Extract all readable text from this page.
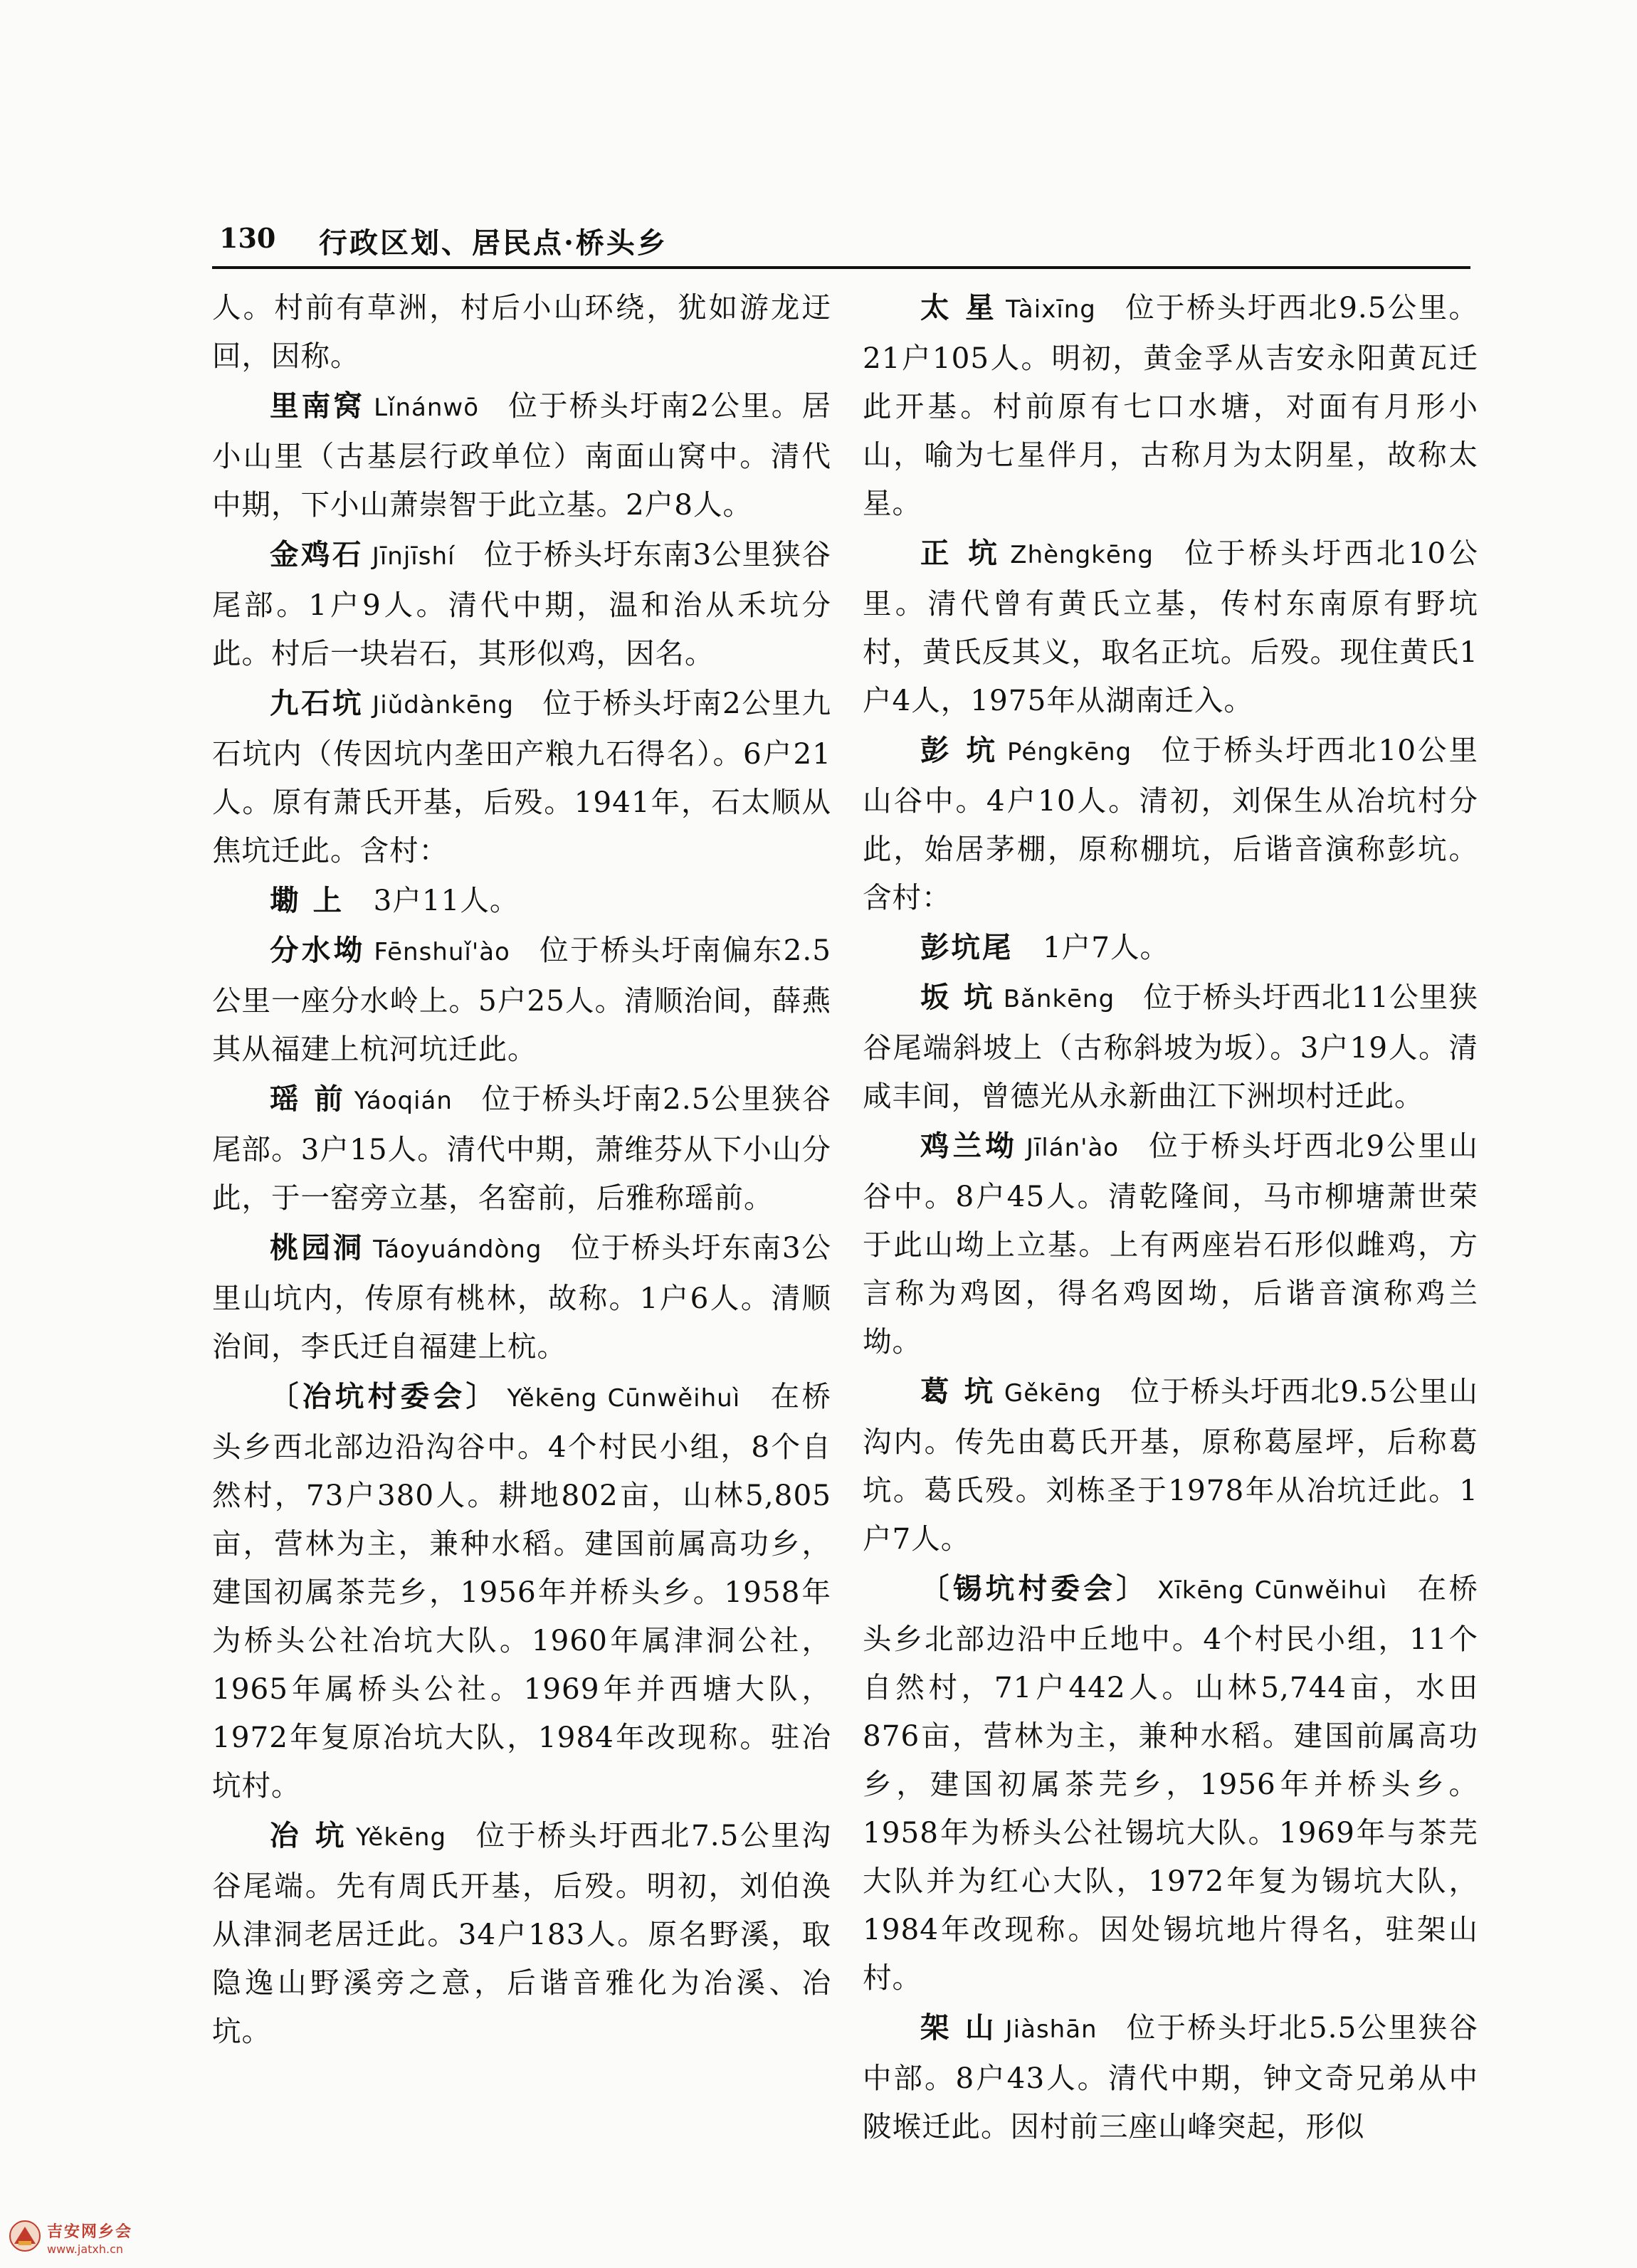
130 行政区划、居民点·桥头乡

人。村前有草洲，村后小山环绕，犹如游龙迂回，因称。

里南窝 Lǐnánwō 位于桥头圩南2公里。居小山里（古基层行政单位）南面山窝中。清代中期，下小山萧崇智于此立基。2户8人。

金鸡石 Jīnjīshí 位于桥头圩东南3公里狭谷尾部。1户9人。清代中期，温和治从禾坑分此。村后一块岩石，其形似鸡，因名。

九石坑 Jiǔdànkēng 位于桥头圩南2公里九石坑内（传因坑内垄田产粮九石得名）。6户21人。原有萧氏开基，后殁。1941年，石太顺从焦坑迁此。含村：

墈 上　 3户11人。

分水坳 Fēnshuǐ'ào 位于桥头圩南偏东2.5公里一座分水岭上。5户25人。清顺治间，薛燕其从福建上杭河坑迁此。

瑶 前 Yáoqián 位于桥头圩南2.5公里狭谷尾部。3户15人。清代中期，萧维芬从下小山分此，于一窑旁立基，名窑前，后雅称瑶前。

桃园洞 Táoyuándòng 位于桥头圩东南3公里山坑内，传原有桃林，故称。1户6人。清顺治间，李氏迁自福建上杭。

〔冶坑村委会〕 Yěkēng Cūnwěihuì 在桥头乡西北部边沿沟谷中。4个村民小组，8个自然村，73户380人。耕地802亩，山林5,805亩，营林为主，兼种水稻。建国前属高功乡，建国初属茶芫乡，1956年并桥头乡。1958年为桥头公社冶坑大队。1960年属津洞公社，1965年属桥头公社。1969年并西塘大队，1972年复原冶坑大队，1984年改现称。驻冶坑村。

冶 坑 Yěkēng 位于桥头圩西北7.5公里沟谷尾端。先有周氏开基，后殁。明初，刘伯涣从津洞老居迁此。34户183人。原名野溪，取隐逸山野溪旁之意，后谐音雅化为冶溪、冶坑。

太 星 Tàixīng 位于桥头圩西北9.5公里。21户105人。明初，黄金孚从吉安永阳黄瓦迁此开基。村前原有七口水塘，对面有月形小山，喻为七星伴月，古称月为太阴星，故称太星。

正 坑 Zhèngkēng 位于桥头圩西北10公里。清代曾有黄氏立基，传村东南原有野坑村，黄氏反其义，取名正坑。后殁。现住黄氏1户4人，1975年从湖南迁入。

彭 坑 Péngkēng 位于桥头圩西北10公里山谷中。4户10人。清初，刘保生从冶坑村分此，始居茅棚，原称棚坑，后谐音演称彭坑。含村：

彭坑尾　 1户7人。

坂 坑 Bǎnkēng 位于桥头圩西北11公里狭谷尾端斜坡上（古称斜坡为坂）。3户19人。清咸丰间，曾德光从永新曲江下洲坝村迁此。

鸡兰坳 Jīlán'ào 位于桥头圩西北9公里山谷中。8户45人。清乾隆间，马市柳塘萧世荣于此山坳上立基。上有两座岩石形似雌鸡，方言称为鸡囡，得名鸡囡坳，后谐音演称鸡兰坳。

葛 坑 Gěkēng 位于桥头圩西北9.5公里山沟内。传先由葛氏开基，原称葛屋坪，后称葛坑。葛氏殁。刘栋圣于1978年从冶坑迁此。1户7人。

〔锡坑村委会〕 Xīkēng Cūnwěihuì 在桥头乡北部边沿中丘地中。4个村民小组，11个自然村，71户442人。山林5,744亩，水田876亩，营林为主，兼种水稻。建国前属高功乡，建国初属茶芫乡，1956年并桥头乡。1958年为桥头公社锡坑大队。1969年与茶芫大队并为红心大队，1972年复为锡坑大队，1984年改现称。因处锡坑地片得名，驻架山村。

架 山 Jiàshān 位于桥头圩北5.5公里狭谷中部。8户43人。清代中期，钟文奇兄弟从中陂堠迁此。因村前三座山峰突起，形似

吉安网乡会
www.jatxh.cn
